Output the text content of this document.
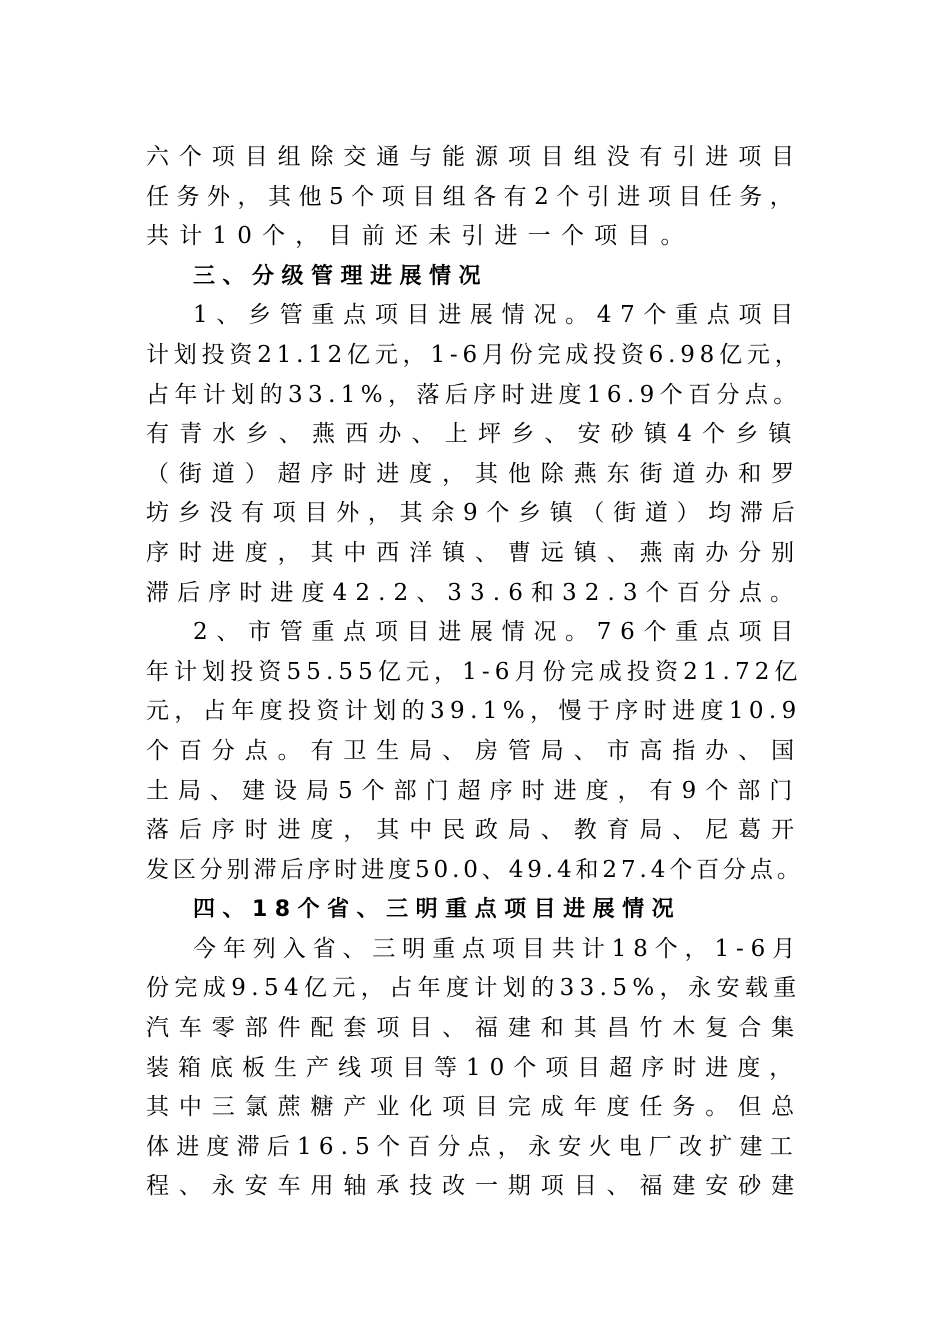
六个项目组除交通与能源项目组没有引进项目
任务外，其他5个项目组各有2个引进项目任务，
共计10个，目前还未引进一个项目。
三、分级管理进展情况
1、乡管重点项目进展情况。47个重点项目
计划投资21.12亿元，1-6月份完成投资6.98亿元，
占年计划的33.1%，落后序时进度16.9个百分点。
有青水乡、燕西办、上坪乡、安砂镇4个乡镇
（街道）超序时进度，其他除燕东街道办和罗
坊乡没有项目外，其余9个乡镇（街道）均滞后
序时进度，其中西洋镇、曹远镇、燕南办分别
滞后序时进度42.2、33.6和32.3个百分点。
2、市管重点项目进展情况。76个重点项目
年计划投资55.55亿元，1-6月份完成投资21.72亿
元，占年度投资计划的39.1%，慢于序时进度10.9
个百分点。有卫生局、房管局、市高指办、国
土局、建设局5个部门超序时进度，有9个部门
落后序时进度，其中民政局、教育局、尼葛开
发区分别滞后序时进度50.0、49.4和27.4个百分点。
四、18个省、三明重点项目进展情况
今年列入省、三明重点项目共计18个，1-6月
份完成9.54亿元，占年度计划的33.5%，永安载重
汽车零部件配套项目、福建和其昌竹木复合集
装箱底板生产线项目等10个项目超序时进度，
其中三氯蔗糖产业化项目完成年度任务。但总
体进度滞后16.5个百分点，永安火电厂改扩建工
程、永安车用轴承技改一期项目、福建安砂建
